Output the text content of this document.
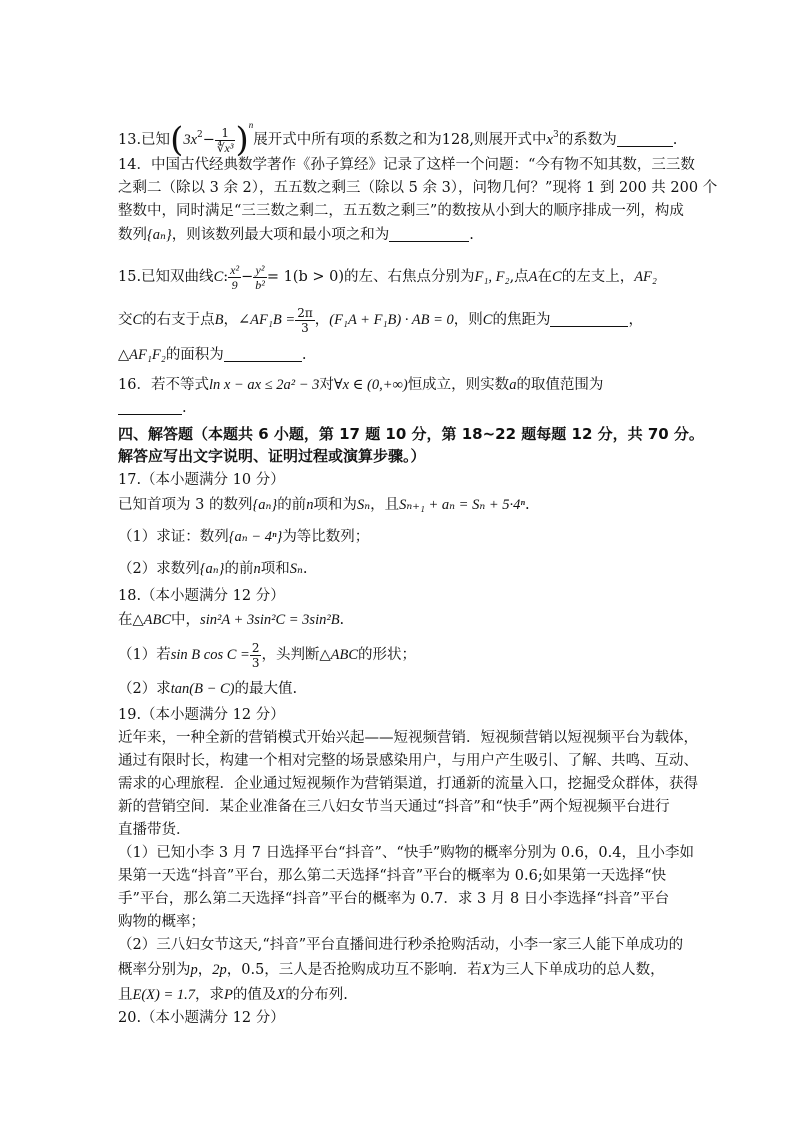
13.已知$(3x^2- \frac{1}{\text{∜x³}} )^n$展开式中所有项的系数之和为128,则展开式中$x^3$的系数为	.
14．中国古代经典数学著作《孙子算经》记录了这样一个问题：“今有物不知其数，三三数
之剩二（除以 3 余 2），五五数之剩三（除以 5 余 3），问物几何？”现将 1 到 200 共 200 个
整数中，同时满足“三三数之剩二，五五数之剩三”的数按从小到大的顺序排成一列，构成
数列{aₙ}，则该数列最大项和最小项之和为	.
15.已知双曲线C: $\frac{\text{x²}}{9} - \frac{\text{y²}}{\text{b²}} = 1(b > 0)$的左、右焦点分别为F₁, F₂,点A在C的左支上，AF₂
交C的右支于点B，∠AF₁B = $\frac{2\pi}{3}$ ，(F₁A + F₁B) · AB = 0，则C的焦距为	，
△AF₁F₂的面积为	.
16．若不等式ln x − ax ≤ 2a² − 3对∀x ∈ (0,+∞)恒成立，则实数a的取值范围为
.
四、解答题（本题共 6 小题，第 17 题 10 分，第 18~22 题每题 12 分，共 70 分。
解答应写出文字说明、证明过程或演算步骤。）
17.（本小题满分 10 分）
已知首项为 3 的数列{aₙ}的前n项和为Sₙ，且Sₙ₊₁ + aₙ = Sₙ + 5·4ⁿ.
（1）求证：数列{aₙ − 4ⁿ}为等比数列；
（2）求数列{aₙ}的前n项和Sₙ.
18.（本小题满分 12 分）
在△ABC中，sin²A + 3sin²C = 3sin²B.
（1）若sin B $\cos C = \frac{2}{3}$ ，头判断△ABC的形状；
（2）求tan(B − C)的最大值.
19.（本小题满分 12 分）
近年来，一种全新的营销模式开始兴起——短视频营销．短视频营销以短视频平台为载体，
通过有限时长，构建一个相对完整的场景感染用户，与用户产生吸引、了解、共鸣、互动、
需求的心理旅程．企业通过短视频作为营销渠道，打通新的流量入口，挖掘受众群体，获得
新的营销空间．某企业准备在三八妇女节当天通过“抖音”和“快手”两个短视频平台进行
直播带货．
（1）已知小李 3 月 7 日选择平台“抖音”、“快手”购物的概率分别为 0.6，0.4，且小李如
果第一天选“抖音”平台，那么第二天选择“抖音”平台的概率为 0.6;如果第一天选择“快
手”平台，那么第二天选择“抖音”平台的概率为 0.7．求 3 月 8 日小李选择“抖音”平台
购物的概率；
（2）三八妇女节这天,“抖音”平台直播间进行秒杀抢购活动，小李一家三人能下单成功的
概率分别为p，2p，0.5，三人是否抢购成功互不影响．若X为三人下单成功的总人数，
且E(X) = 1.7，求P的值及X的分布列.
20.（本小题满分 12 分）
